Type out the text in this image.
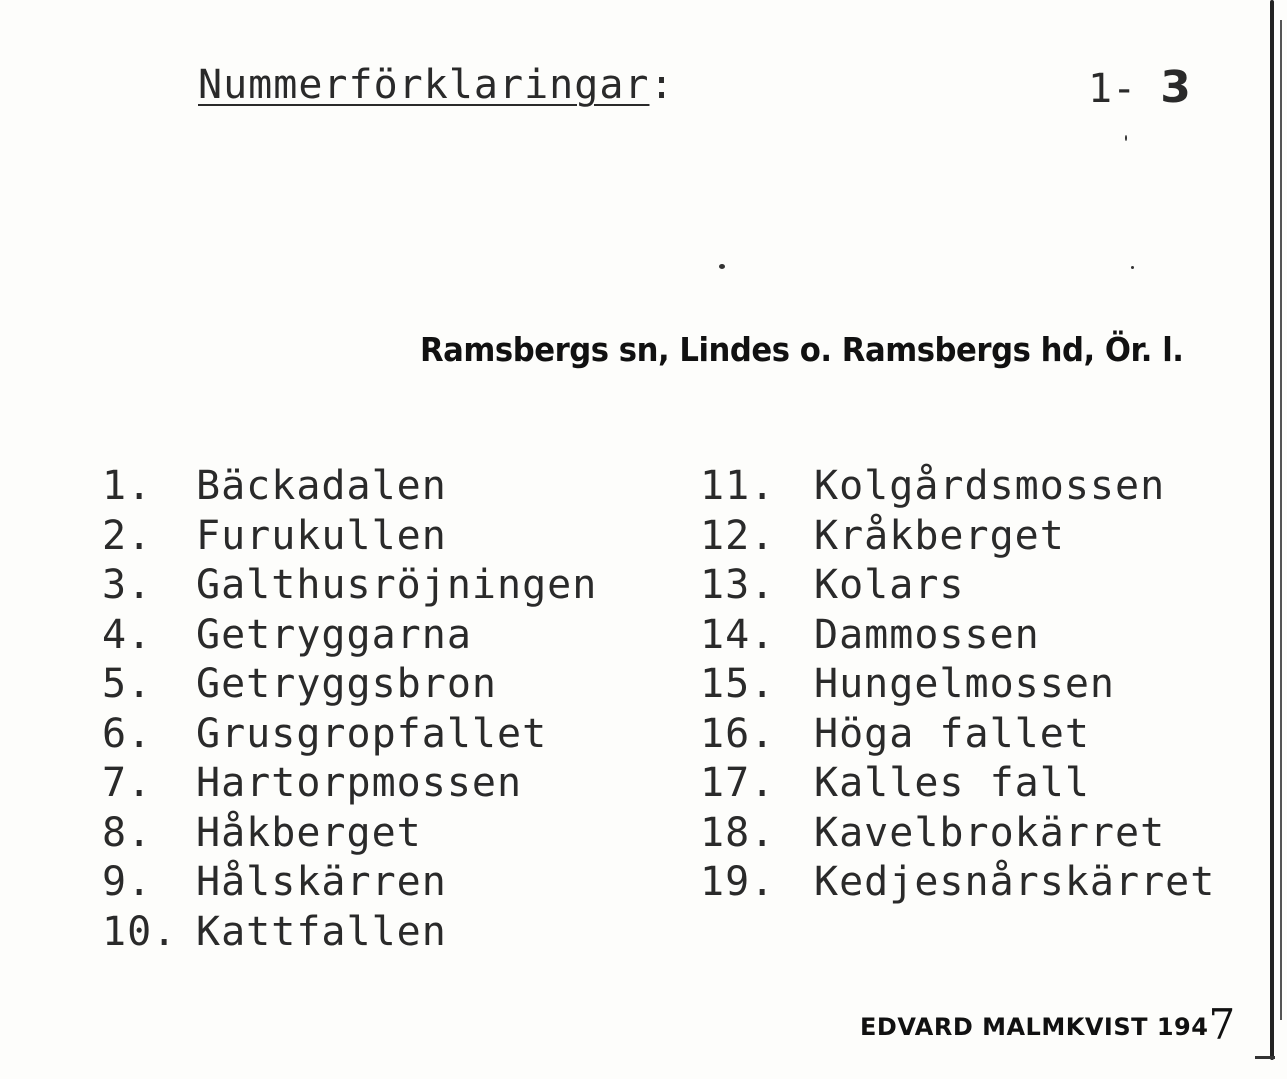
Nummerförklaringar:	1- 3
Ramsbergs sn, Lindes o. Ramsbergs hd, Ör. l.
1. Bäckadalen
2. Furukullen
3. Galthusröjningen
4. Getryggarna
5. Getryggsbron
6. Grusgropfallet
7. Hartorpmossen
8. Håkberget
9. Hålskärren
10. Kattfallen
11. Kolgårdsmossen
12. Kråkberget
13. Kolars
14. Dammossen
15. Hungelmossen
16. Höga fallet
17. Kalles fall
18. Kavelbrokärret
19. Kedjesnårskärret
EDVARD MALMKVIST 1947
